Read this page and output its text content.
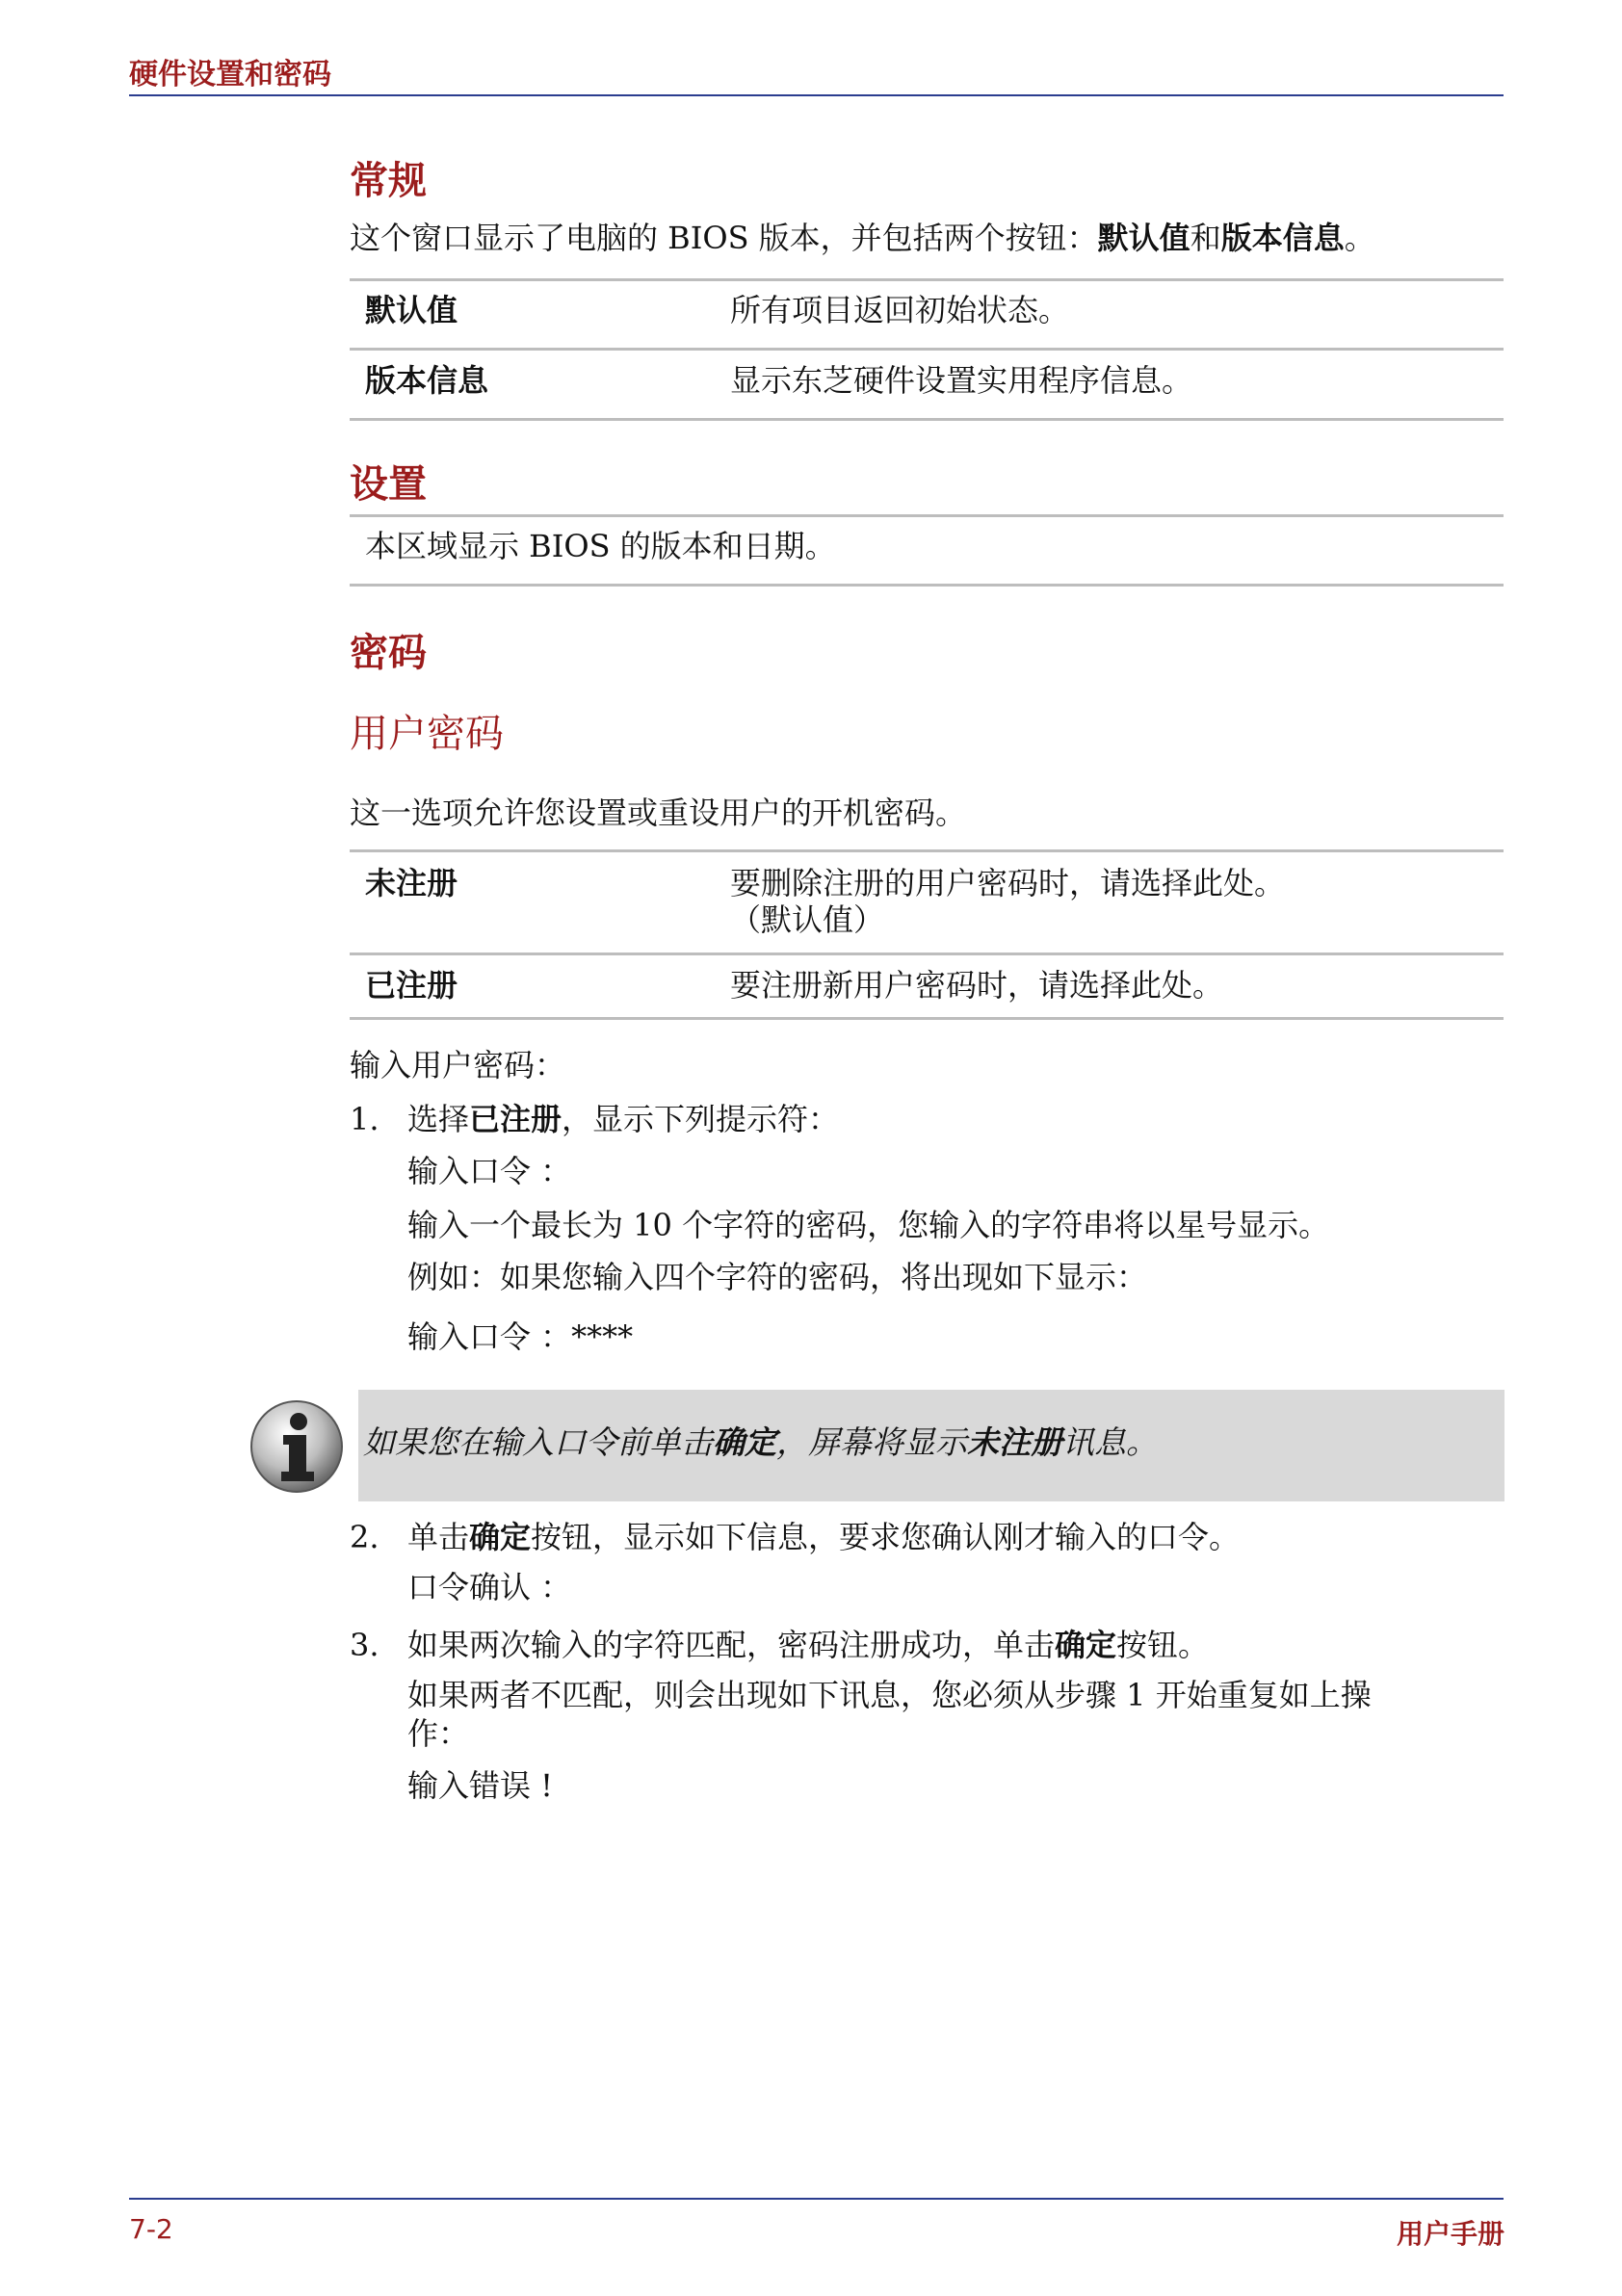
硬件设置和密码
常规
这个窗口显示了电脑的 BIOS 版本，并包括两个按钮：默认值和版本信息。
默认值	所有项目返回初始状态。
版本信息	显示东芝硬件设置实用程序信息。
设置
本区域显示 BIOS 的版本和日期。
密码
用户密码
这一选项允许您设置或重设用户的开机密码。
未注册	要删除注册的用户密码时，请选择此处。
（默认值）
已注册	要注册新用户密码时，请选择此处。
输入用户密码：
1. 选择已注册，显示下列提示符：
输入口令 ：
输入一个最长为 10 个字符的密码，您输入的字符串将以星号显示。
例如：如果您输入四个字符的密码，将出现如下显示：
输入口令 ：****
2. 单击确定按钮，显示如下信息，要求您确认刚才输入的口令。
口令确认 ：
3. 如果两次输入的字符匹配，密码注册成功，单击确定按钮。
如果两者不匹配，则会出现如下讯息，您必须从步骤 1 开始重复如上操
作：
输入错误 !
如果您在输入口令前单击确定，屏幕将显示未注册讯息。
7-2	用户手册
